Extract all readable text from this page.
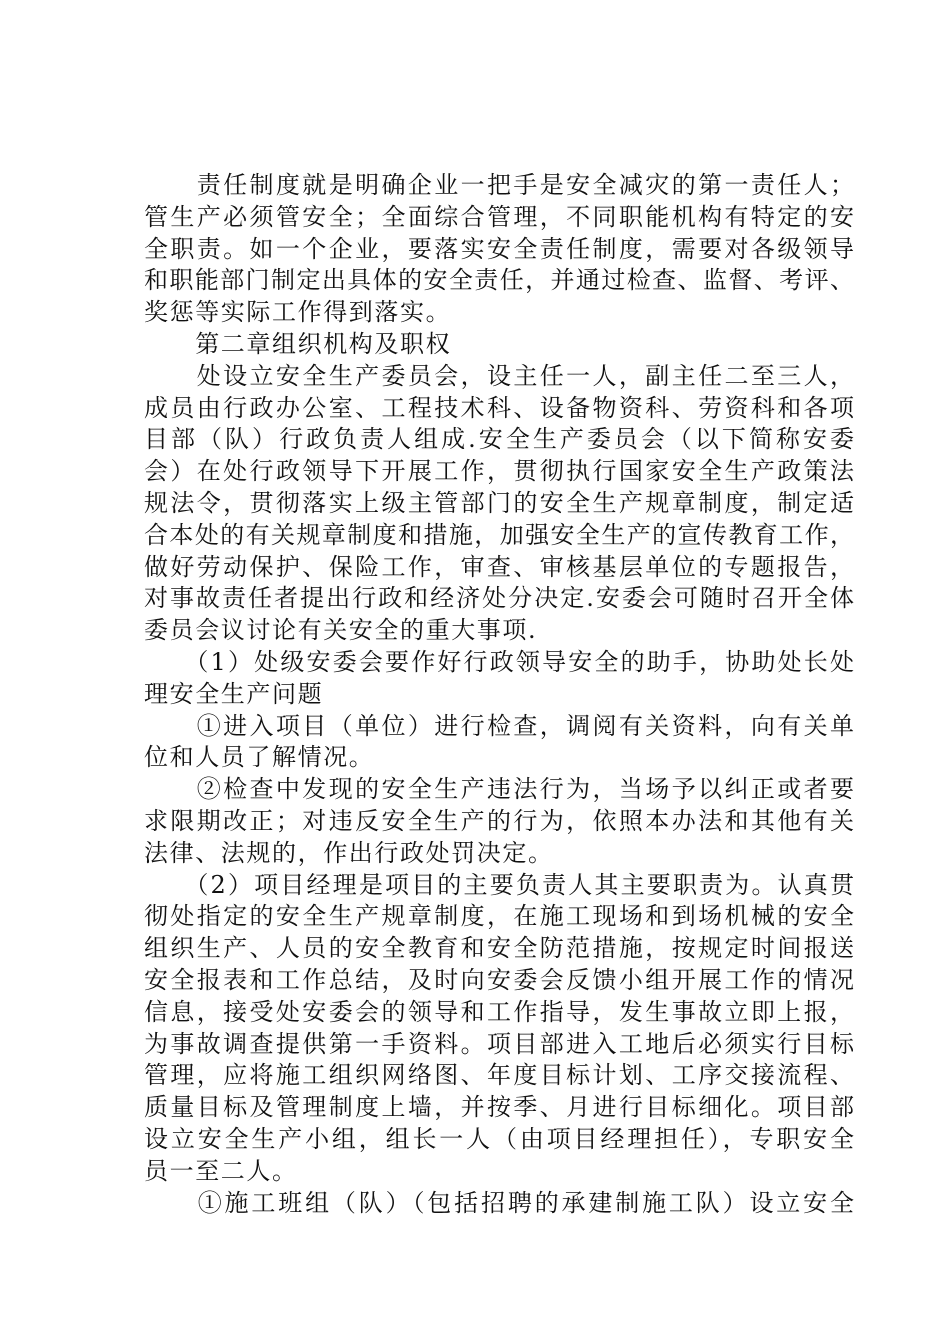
　　责任制度就是明确企业一把手是安全减灾的第一责任人；
管生产必须管安全；全面综合管理，不同职能机构有特定的安
全职责。如一个企业，要落实安全责任制度，需要对各级领导
和职能部门制定出具体的安全责任，并通过检查、监督、考评、
奖惩等实际工作得到落实。
　　第二章组织机构及职权
　　处设立安全生产委员会，设主任一人，副主任二至三人，
成员由行政办公室、工程技术科、设备物资科、劳资科和各项
目部（队）行政负责人组成.安全生产委员会（以下简称安委
会）在处行政领导下开展工作，贯彻执行国家安全生产政策法
规法令，贯彻落实上级主管部门的安全生产规章制度，制定适
合本处的有关规章制度和措施，加强安全生产的宣传教育工作，
做好劳动保护、保险工作，审查、审核基层单位的专题报告，
对事故责任者提出行政和经济处分决定.安委会可随时召开全体
委员会议讨论有关安全的重大事项.
　　（1）处级安委会要作好行政领导安全的助手，协助处长处
理安全生产问题
　　①进入项目（单位）进行检查，调阅有关资料，向有关单
位和人员了解情况。
　　②检查中发现的安全生产违法行为，当场予以纠正或者要
求限期改正；对违反安全生产的行为，依照本办法和其他有关
法律、法规的，作出行政处罚决定。
　　（2）项目经理是项目的主要负责人其主要职责为。认真贯
彻处指定的安全生产规章制度，在施工现场和到场机械的安全
组织生产、人员的安全教育和安全防范措施，按规定时间报送
安全报表和工作总结，及时向安委会反馈小组开展工作的情况
信息，接受处安委会的领导和工作指导，发生事故立即上报，
为事故调查提供第一手资料。项目部进入工地后必须实行目标
管理，应将施工组织网络图、年度目标计划、工序交接流程、
质量目标及管理制度上墙，并按季、月进行目标细化。项目部
设立安全生产小组，组长一人（由项目经理担任），专职安全
员一至二人。
　　①施工班组（队）（包括招聘的承建制施工队）设立安全
